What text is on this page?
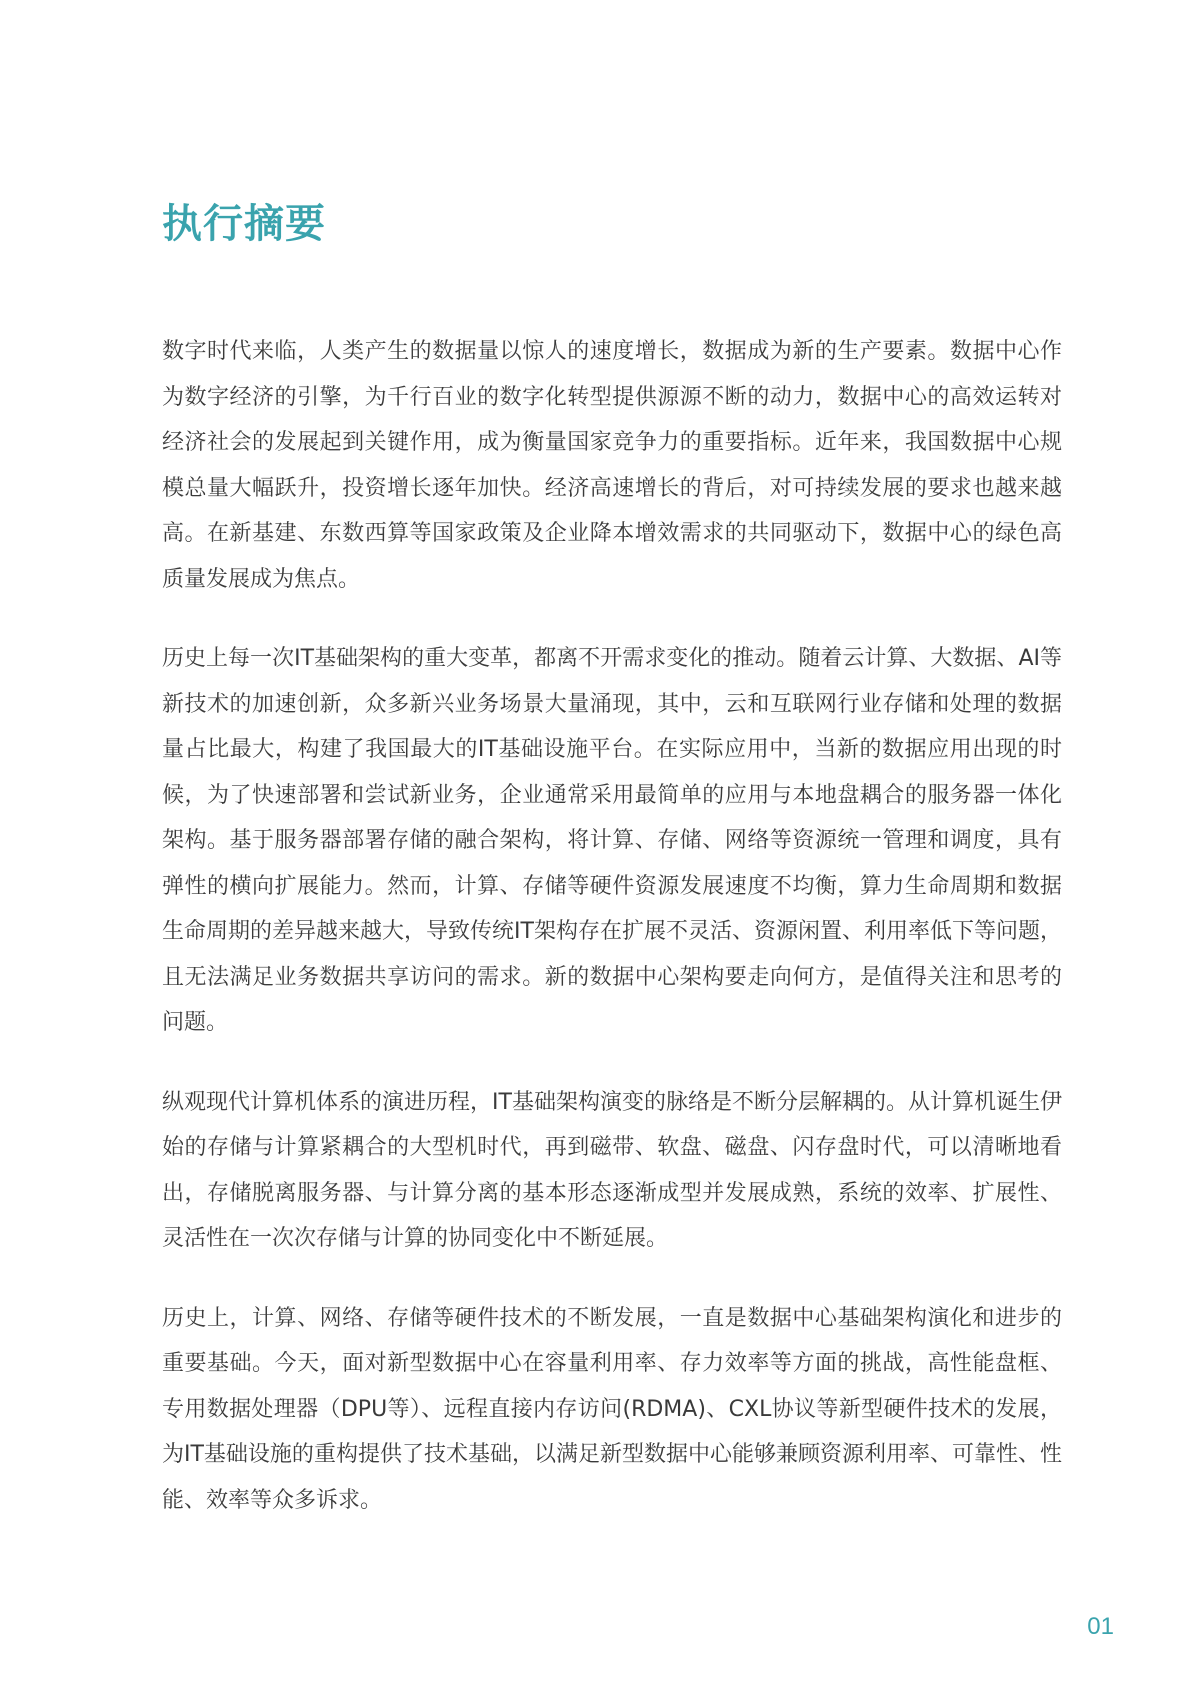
执行摘要

数字时代来临，人类产生的数据量以惊人的速度增长，数据成为新的生产要素。数据中心作为数字经济的引擎，为千行百业的数字化转型提供源源不断的动力，数据中心的高效运转对经济社会的发展起到关键作用，成为衡量国家竞争力的重要指标。近年来，我国数据中心规模总量大幅跃升，投资增长逐年加快。经济高速增长的背后，对可持续发展的要求也越来越高。在新基建、东数西算等国家政策及企业降本增效需求的共同驱动下，数据中心的绿色高质量发展成为焦点。

历史上每一次IT基础架构的重大变革，都离不开需求变化的推动。随着云计算、大数据、AI等新技术的加速创新，众多新兴业务场景大量涌现，其中，云和互联网行业存储和处理的数据量占比最大，构建了我国最大的IT基础设施平台。在实际应用中，当新的数据应用出现的时候，为了快速部署和尝试新业务，企业通常采用最简单的应用与本地盘耦合的服务器一体化架构。基于服务器部署存储的融合架构，将计算、存储、网络等资源统一管理和调度，具有弹性的横向扩展能力。然而，计算、存储等硬件资源发展速度不均衡，算力生命周期和数据生命周期的差异越来越大，导致传统IT架构存在扩展不灵活、资源闲置、利用率低下等问题，且无法满足业务数据共享访问的需求。新的数据中心架构要走向何方，是值得关注和思考的问题。

纵观现代计算机体系的演进历程，IT基础架构演变的脉络是不断分层解耦的。从计算机诞生伊始的存储与计算紧耦合的大型机时代，再到磁带、软盘、磁盘、闪存盘时代，可以清晰地看出，存储脱离服务器、与计算分离的基本形态逐渐成型并发展成熟，系统的效率、扩展性、灵活性在一次次存储与计算的协同变化中不断延展。

历史上，计算、网络、存储等硬件技术的不断发展，一直是数据中心基础架构演化和进步的重要基础。今天，面对新型数据中心在容量利用率、存力效率等方面的挑战，高性能盘框、专用数据处理器（DPU等）、远程直接内存访问(RDMA)、CXL协议等新型硬件技术的发展，为IT基础设施的重构提供了技术基础，以满足新型数据中心能够兼顾资源利用率、可靠性、性能、效率等众多诉求。

01
